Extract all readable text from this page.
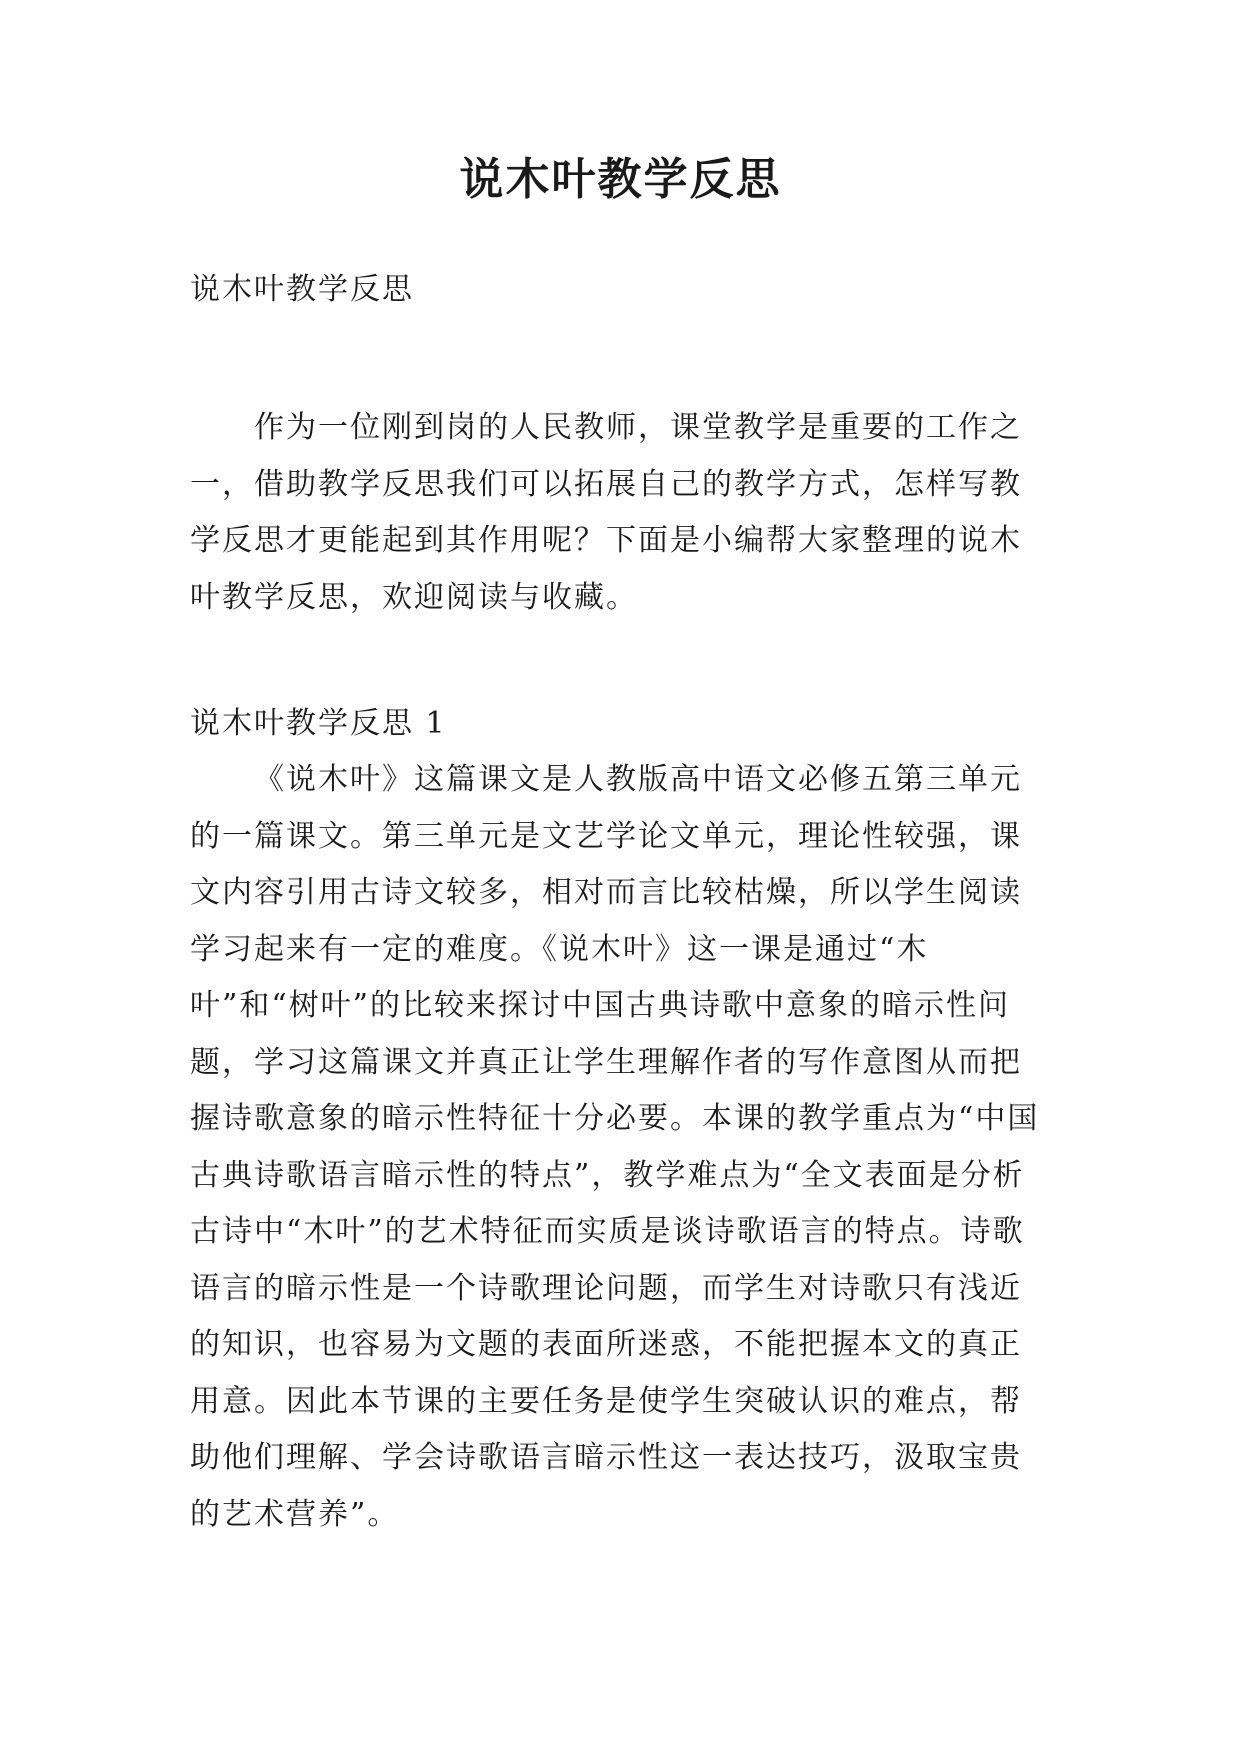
说木叶教学反思

说木叶教学反思

作为一位刚到岗的人民教师，课堂教学是重要的工作之一，借助教学反思我们可以拓展自己的教学方式，怎样写教学反思才更能起到其作用呢？下面是小编帮大家整理的说木叶教学反思，欢迎阅读与收藏。

说木叶教学反思 1

《说木叶》这篇课文是人教版高中语文必修五第三单元的一篇课文。第三单元是文艺学论文单元，理论性较强，课文内容引用古诗文较多，相对而言比较枯燥，所以学生阅读学习起来有一定的难度。《说木叶》这一课是通过“木叶”和“树叶”的比较来探讨中国古典诗歌中意象的暗示性问题，学习这篇课文并真正让学生理解作者的写作意图从而把握诗歌意象的暗示性特征十分必要。本课的教学重点为“中国古典诗歌语言暗示性的特点”，教学难点为“全文表面是分析古诗中“木叶”的艺术特征而实质是谈诗歌语言的特点。诗歌语言的暗示性是一个诗歌理论问题，而学生对诗歌只有浅近的知识，也容易为文题的表面所迷惑，不能把握本文的真正用意。因此本节课的主要任务是使学生突破认识的难点，帮助他们理解、学会诗歌语言暗示性这一表达技巧，汲取宝贵的艺术营养”。
